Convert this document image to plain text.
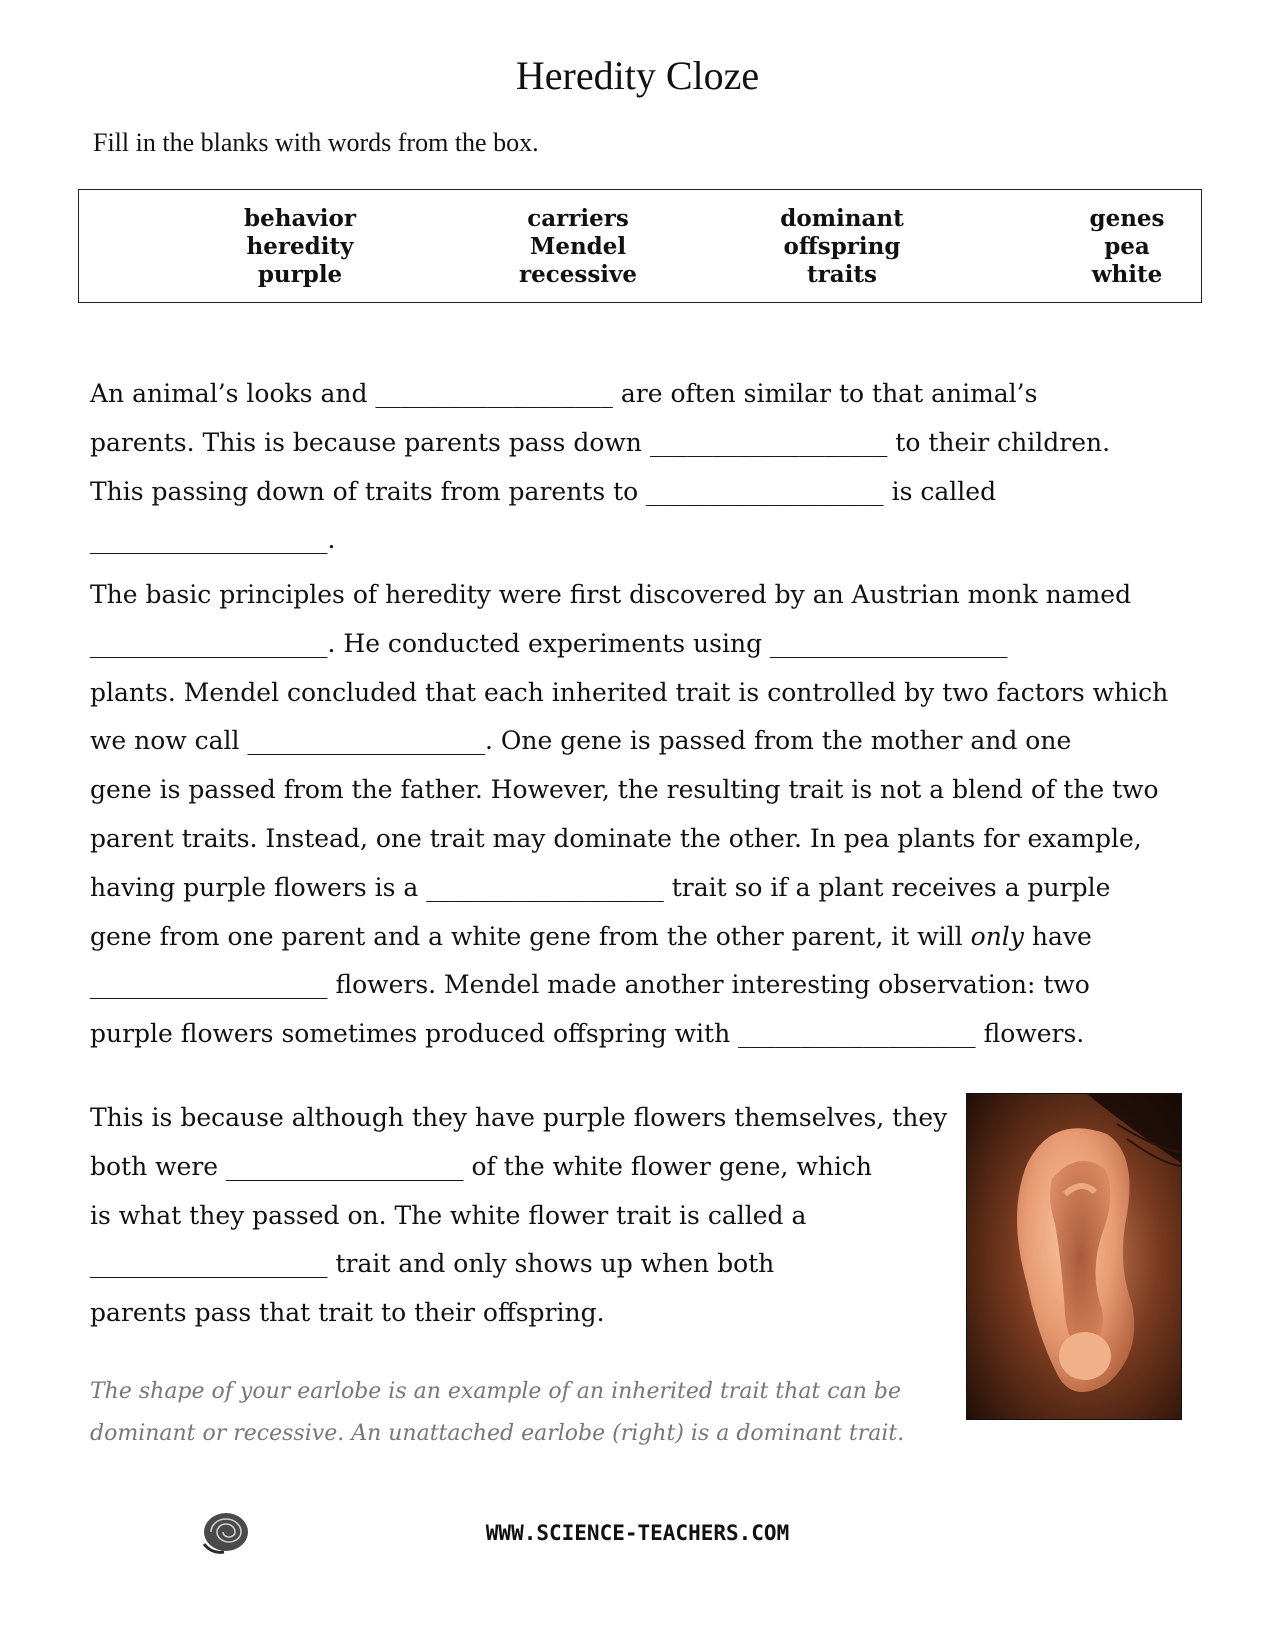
Heredity Cloze
Fill in the blanks with words from the box.
behavior
heredity
purple
carriers
Mendel
recessive
dominant
offspring
traits
genes
pea
white
An animal’s looks and ___________________ are often similar to that animal’s
parents. This is because parents pass down ___________________ to their children.
This passing down of traits from parents to ___________________ is called
___________________.
The basic principles of heredity were first discovered by an Austrian monk named
___________________. He conducted experiments using ___________________
plants. Mendel concluded that each inherited trait is controlled by two factors which
we now call ___________________. One gene is passed from the mother and one
gene is passed from the father. However, the resulting trait is not a blend of the two
parent traits. Instead, one trait may dominate the other. In pea plants for example,
having purple flowers is a ___________________ trait so if a plant receives a purple
gene from one parent and a white gene from the other parent, it will only have
___________________ flowers. Mendel made another interesting observation: two
purple flowers sometimes produced offspring with ___________________ flowers.
This is because although they have purple flowers themselves, they
both were ___________________ of the white flower gene, which
is what they passed on. The white flower trait is called a
___________________ trait and only shows up when both
parents pass that trait to their offspring.
The shape of your earlobe is an example of an inherited trait that can be
dominant or recessive. An unattached earlobe (right) is a dominant trait.
WWW.SCIENCE-TEACHERS.COM
